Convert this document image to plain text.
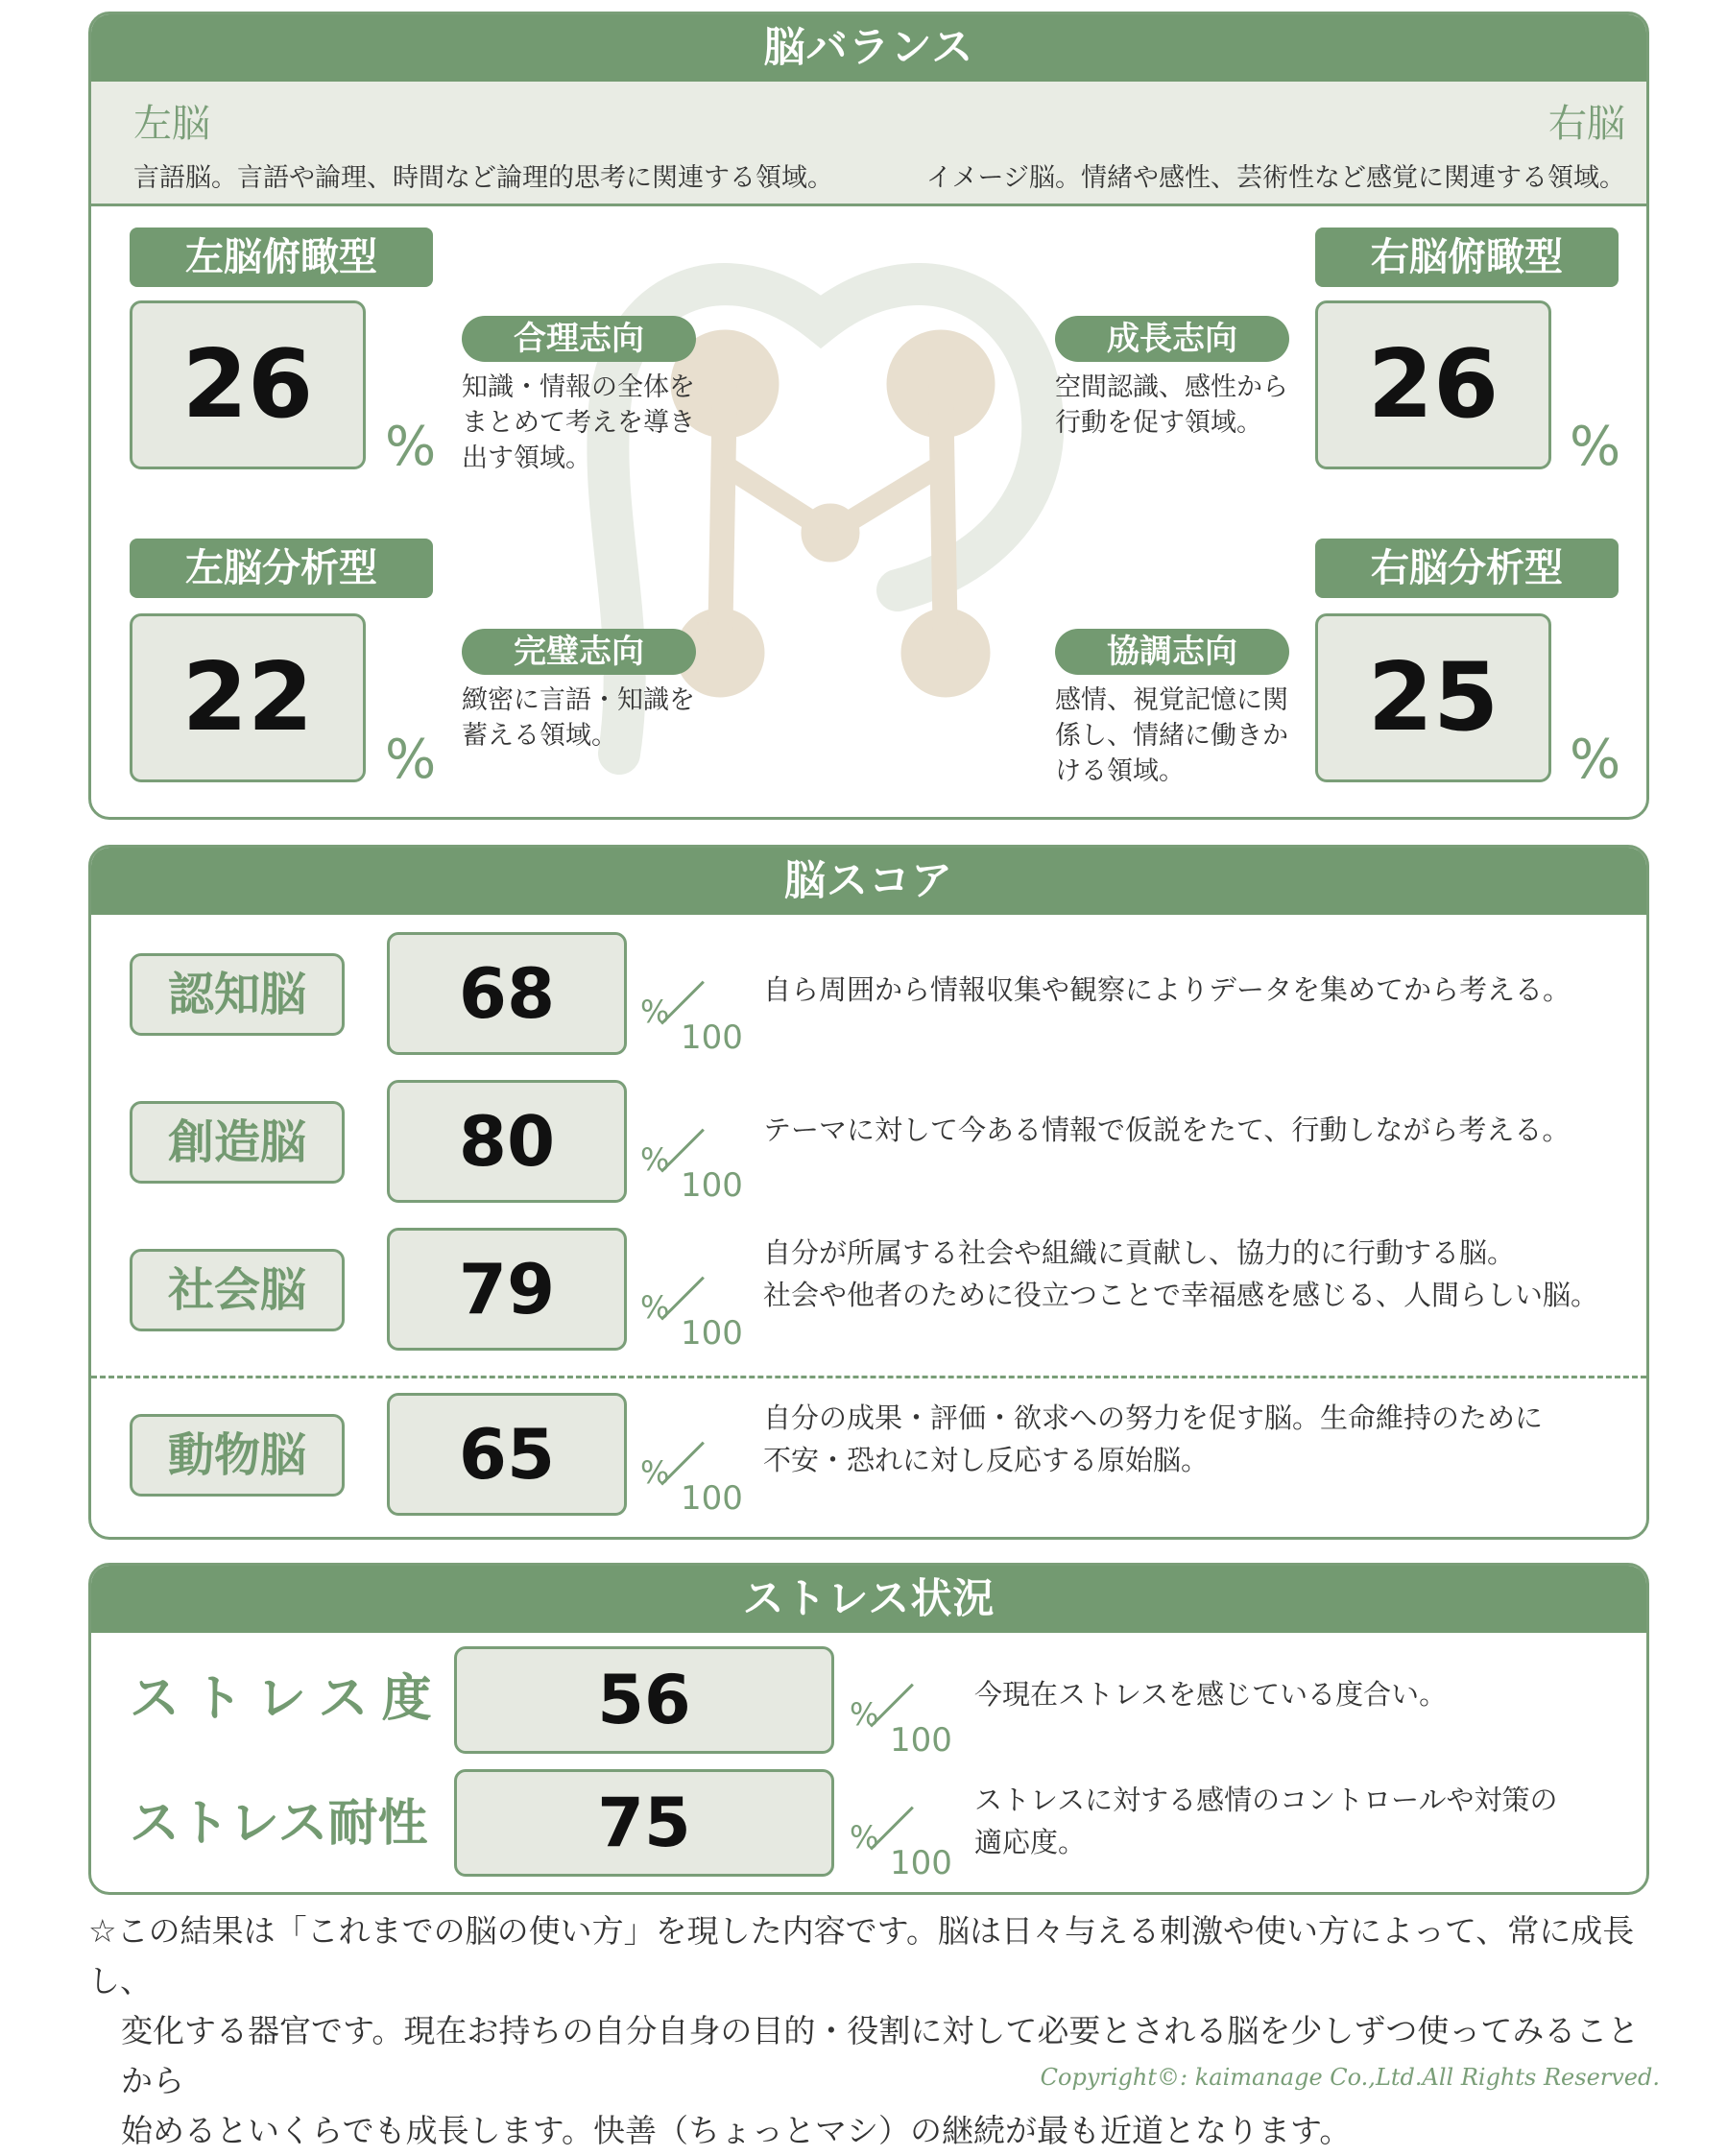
脳バランス
左脳
言語脳。言語や論理、時間など論理的思考に関連する領域。
右脳
イメージ脳。情緒や感性、芸術性など感覚に関連する領域。
左脳俯瞰型
26
%
左脳分析型
22
%
右脳俯瞰型
26
%
右脳分析型
25
%
合理志向
知識・情報の全体を
まとめて考えを導き
出す領域。
完璧志向
緻密に言語・知識を
蓄える領域。
成長志向
空間認識、感性から
行動を促す領域。
協調志向
感情、視覚記憶に関
係し、情緒に働きか
ける領域。
脳スコア
認知脳	68	%
100
自ら周囲から情報収集や観察によりデータを集めてから考える。
創造脳	80	%
100
テーマに対して今ある情報で仮説をたて、行動しながら考える。
社会脳	79	%
100
自分が所属する社会や組織に貢献し、協力的に行動する脳。
社会や他者のために役立つことで幸福感を感じる、人間らしい脳。
動物脳	65	%
100
自分の成果・評価・欲求への努力を促す脳。生命維持のために
不安・恐れに対し反応する原始脳。
ストレス状況
ストレス度	56	%
100
今現在ストレスを感じている度合い。
ストレス耐性	75	%
100
ストレスに対する感情のコントロールや対策の
適応度。
☆この結果は「これまでの脳の使い方」を現した内容です。脳は日々与える刺激や使い方によって、常に成長し、
変化する器官です。現在お持ちの自分自身の目的・役割に対して必要とされる脳を少しずつ使ってみることから
始めるといくらでも成長します。快善（ちょっとマシ）の継続が最も近道となります。
Copyright©: kaimanage Co.,Ltd.All Rights Reserved.
